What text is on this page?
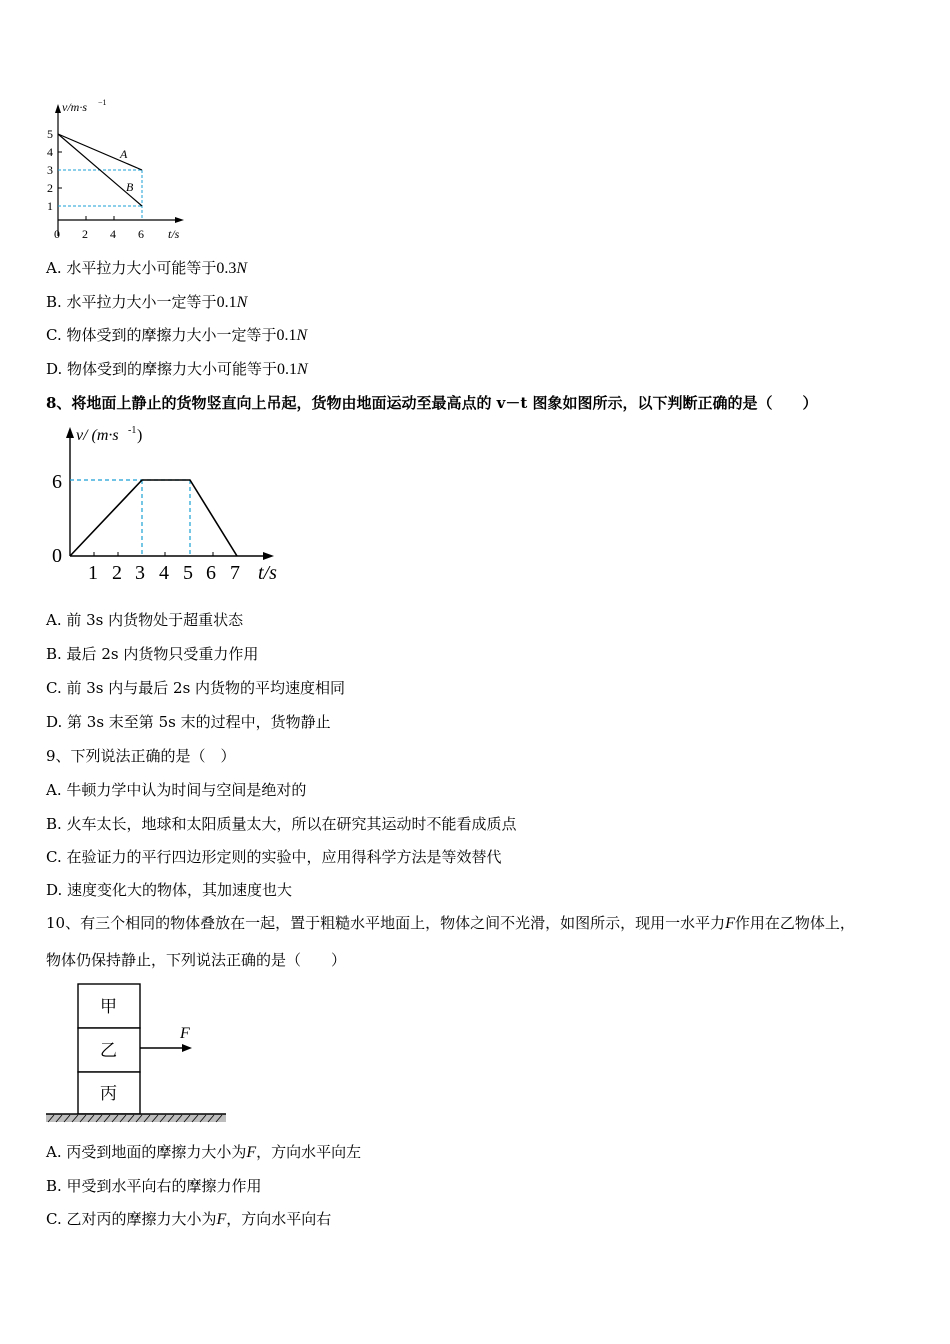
v/m·s −1
5
4
3
2
1
0 2 4 6 t/s
A
B
A. 水平拉力大小可能等于0.3N
B. 水平拉力大小一定等于0.1N
C. 物体受到的摩擦力大小一定等于0.1N
D. 物体受到的摩擦力大小可能等于0.1N
8、将地面上静止的货物竖直向上吊起，货物由地面运动至最高点的 v－t 图象如图所示，以下判断正确的是（　　）
v/ (m·s -1 )
6
0
1 2 3 4 5 6 7 t/s
A. 前 3s 内货物处于超重状态
B. 最后 2s 内货物只受重力作用
C. 前 3s 内与最后 2s 内货物的平均速度相同
D. 第 3s 末至第 5s 末的过程中，货物静止
9、下列说法正确的是（　）
A. 牛顿力学中认为时间与空间是绝对的
B. 火车太长，地球和太阳质量太大，所以在研究其运动时不能看成质点
C. 在验证力的平行四边形定则的实验中，应用得科学方法是等效替代
D. 速度变化大的物体，其加速度也大
10、有三个相同的物体叠放在一起，置于粗糙水平地面上，物体之间不光滑，如图所示，现用一水平力F作用在乙物体上，
物体仍保持静止，下列说法正确的是（　　）
甲
乙
丙
F
A. 丙受到地面的摩擦力大小为F，方向水平向左
B. 甲受到水平向右的摩擦力作用
C. 乙对丙的摩擦力大小为F，方向水平向右
